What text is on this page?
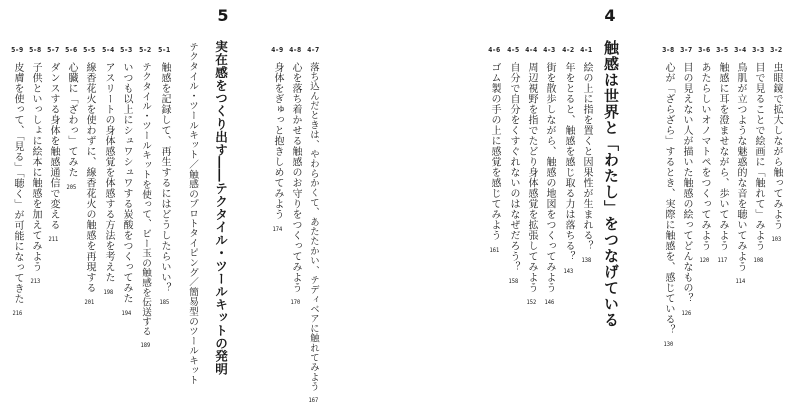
4
触感は世界と「わたし」をつなげている	3-2
虫眼鏡で拡大しながら触ってみよう
103
3-3
目で見ることで絵画に「触れて」みよう
108
3-4
鳥肌が立つような魅惑的な音を聴いてみよう
114
3-5
触感に耳を澄ませながら、歩いてみよう
117
3-6
あたらしいオノマトペをつくってみよう
120
3-7
目の見えない人が描いた触感の絵ってどんなもの？
126
3-8
心が「ざらざら」するとき、実際に触感を、感じている？
130
4-1
絵の上に指を置くと因果性が生まれる？
138
4-2
年をとると、触感を感じ取る力は落ちる？
143
4-3
街を散歩しながら、触感の地図をつくってみよう
146
4-4
周辺視野を指でたどり身体感覚を拡張してみよう
152
4-5
自分で自分をくすぐれないのはなぜだろう？
158
4-6
ゴム製の手の上に感覚を感じてみよう
161
4-7
落ち込んだときは、やわらかくて、あたたかい、テディベアに触れてみよう
167
4-8
心を落ち着かせる触感のお守りをつくってみよう
170
4-9
身体をぎゅっと抱きしめてみよう
174
5
実在感をつくり出す――テクタイル・ツールキットの発明
テクタイル・ツールキット／触感のプロトタイピング／簡易型のツールキット
5-1
触感を記録して、再生するにはどうしたらいい？
185
5-2
テクタイル・ツールキットを使って、ビー玉の触感を伝送する
189
5-3
いつも以上にシュワシュワする炭酸をつくってみた
194
5-4
アスリートの身体感覚を体感する方法を考えた
198
5-5
線香花火を使わずに、線香花火の触感を再現する
201
5-6
心臓に「ざわっ」てみた
205
5-7
ダンスする身体を触感通信で変える
211
5-8
子供といっしょに絵本に触感を加えてみよう
213
5-9
皮膚を使って、「見る」「聴く」が可能になってきた
216
